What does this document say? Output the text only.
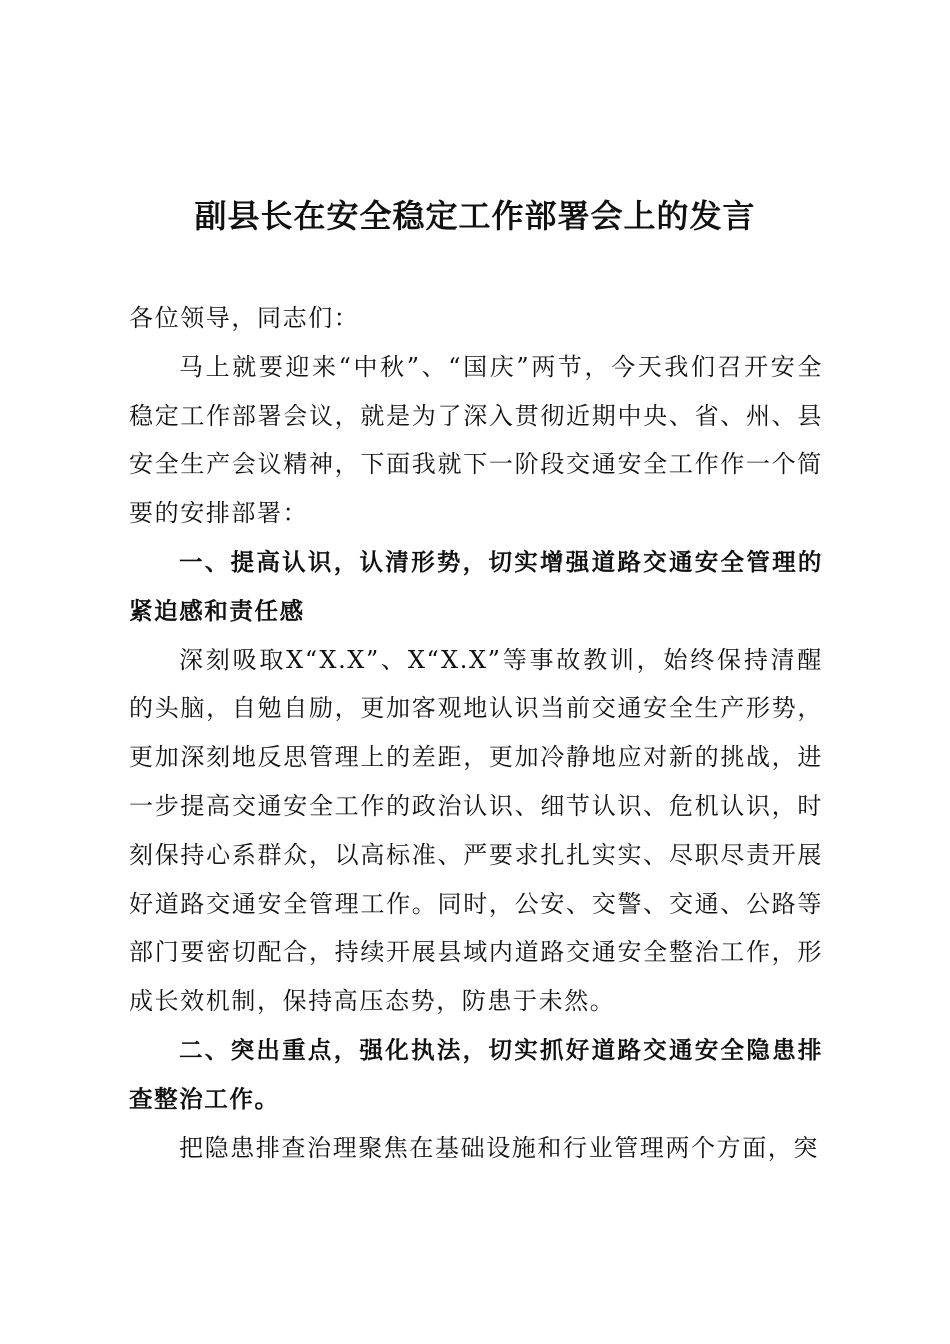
副县长在安全稳定工作部署会上的发言

各位领导，同志们：

马上就要迎来“中秋”、“国庆”两节，今天我们召开安全稳定工作部署会议，就是为了深入贯彻近期中央、省、州、县安全生产会议精神，下面我就下一阶段交通安全工作作一个简要的安排部署：

一、提高认识，认清形势，切实增强道路交通安全管理的紧迫感和责任感

深刻吸取X“X.X”、X“X.X”等事故教训，始终保持清醒的头脑，自勉自励，更加客观地认识当前交通安全生产形势，更加深刻地反思管理上的差距，更加冷静地应对新的挑战，进一步提高交通安全工作的政治认识、细节认识、危机认识，时刻保持心系群众，以高标准、严要求扎扎实实、尽职尽责开展好道路交通安全管理工作。同时，公安、交警、交通、公路等部门要密切配合，持续开展县域内道路交通安全整治工作，形成长效机制，保持高压态势，防患于未然。

二、突出重点，强化执法，切实抓好道路交通安全隐患排查整治工作。

把隐患排查治理聚焦在基础设施和行业管理两个方面，突
